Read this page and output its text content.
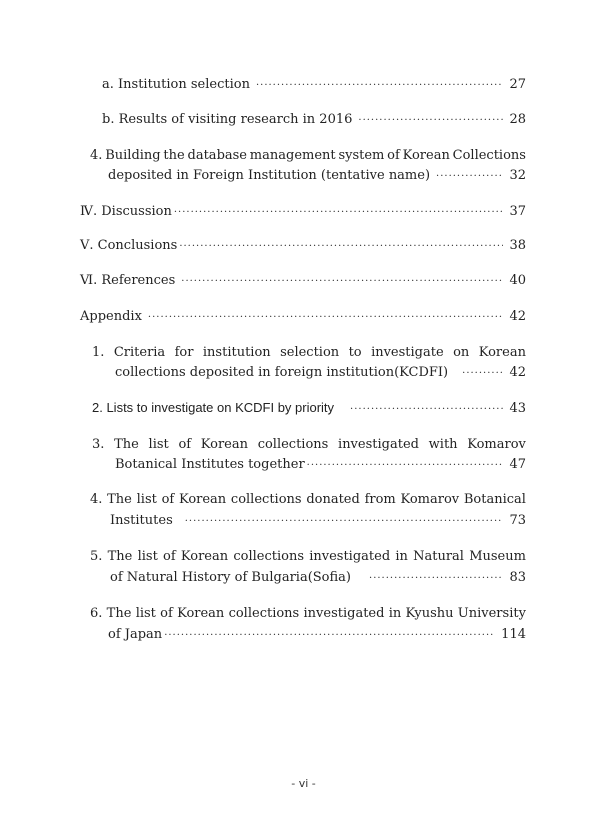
a. Institution selection ·····	27
b. Results of visiting research in 2016 ·····	28
4. Building the database management system of Korean Collections
deposited in Foreign Institution (tentative name) ·····	32
Ⅳ. Discussion ·····	37
Ⅴ. Conclusions ·····	38
Ⅵ. References ·····	40
Appendix ·····	42
1. Criteria for institution selection to investigate on Korean
collections deposited in foreign institution(KCDFI) ·····	42
2. Lists to investigate on KCDFI by priority ·····	43
3. The list of Korean collections investigated with Komarov
Botanical Institutes together ·····	47
4. The list of Korean collections donated from Komarov Botanical
Institutes ·····	73
5. The list of Korean collections investigated in Natural Museum
of Natural History of Bulgaria(Sofia) ·····	83
6. The list of Korean collections investigated in Kyushu University
of Japan ·····	114
- vi -
